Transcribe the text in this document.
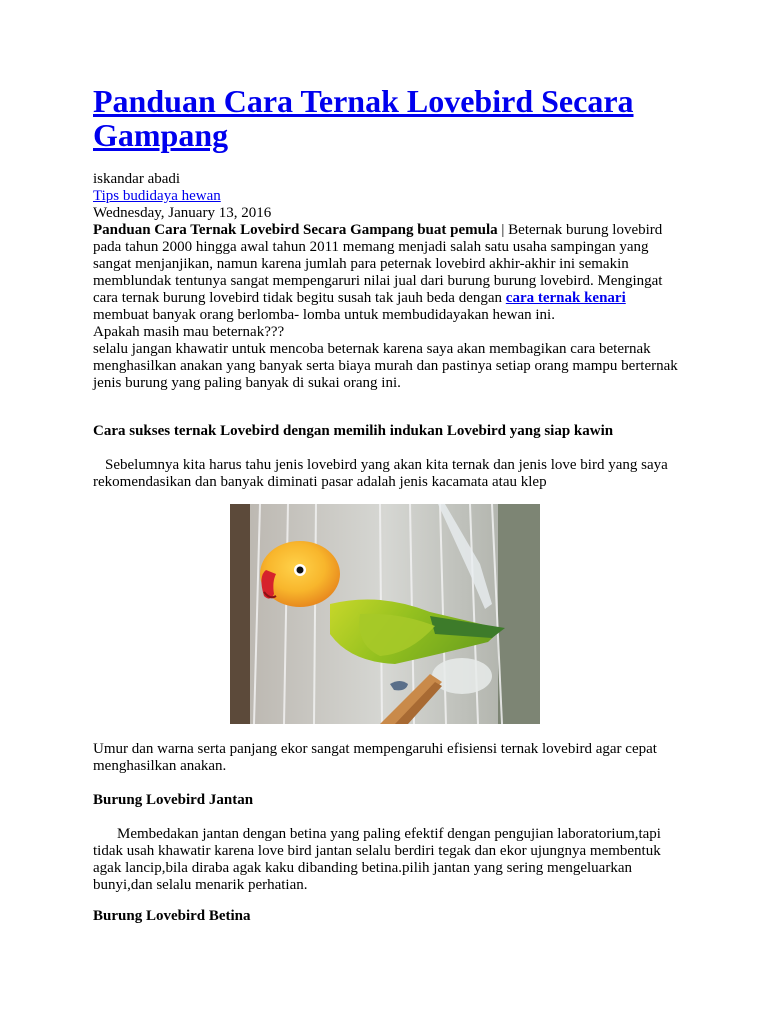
Panduan Cara Ternak Lovebird Secara Gampang
iskandar abadi
Tips budidaya hewan
Wednesday, January 13, 2016

Panduan Cara Ternak Lovebird Secara Gampang buat pemula | Beternak burung lovebird pada tahun 2000 hingga awal tahun 2011 memang menjadi salah satu usaha sampingan yang sangat menjanjikan, namun karena jumlah para peternak lovebird akhir-akhir ini semakin memblundak tentunya sangat mempengaruri nilai jual dari burung burung lovebird. Mengingat cara ternak burung lovebird tidak begitu susah tak jauh beda dengan cara ternak kenari membuat banyak orang berlomba- lomba untuk membudidayakan hewan ini.

Apakah masih mau beternak???

selalu jangan khawatir untuk mencoba beternak karena saya akan membagikan cara beternak menghasilkan anakan yang banyak serta biaya murah dan pastinya setiap orang mampu berternak jenis burung yang paling banyak di sukai orang ini.

Cara sukses ternak Lovebird dengan memilih indukan Lovebird yang siap kawin
Sebelumnya kita harus tahu jenis lovebird yang akan kita ternak dan jenis love bird yang saya rekomendasikan dan banyak diminati pasar adalah jenis kacamata atau klep
Umur dan warna serta panjang ekor sangat mempengaruhi efisiensi ternak lovebird agar cepat menghasilkan anakan.
Burung Lovebird Jantan
Membedakan jantan dengan betina yang paling efektif dengan pengujian laboratorium,tapi tidak usah khawatir karena love bird jantan selalu berdiri tegak dan ekor ujungnya membentuk agak lancip,bila diraba agak kaku dibanding betina.pilih jantan yang sering mengeluarkan bunyi,dan selalu menarik perhatian.
Burung Lovebird Betina
